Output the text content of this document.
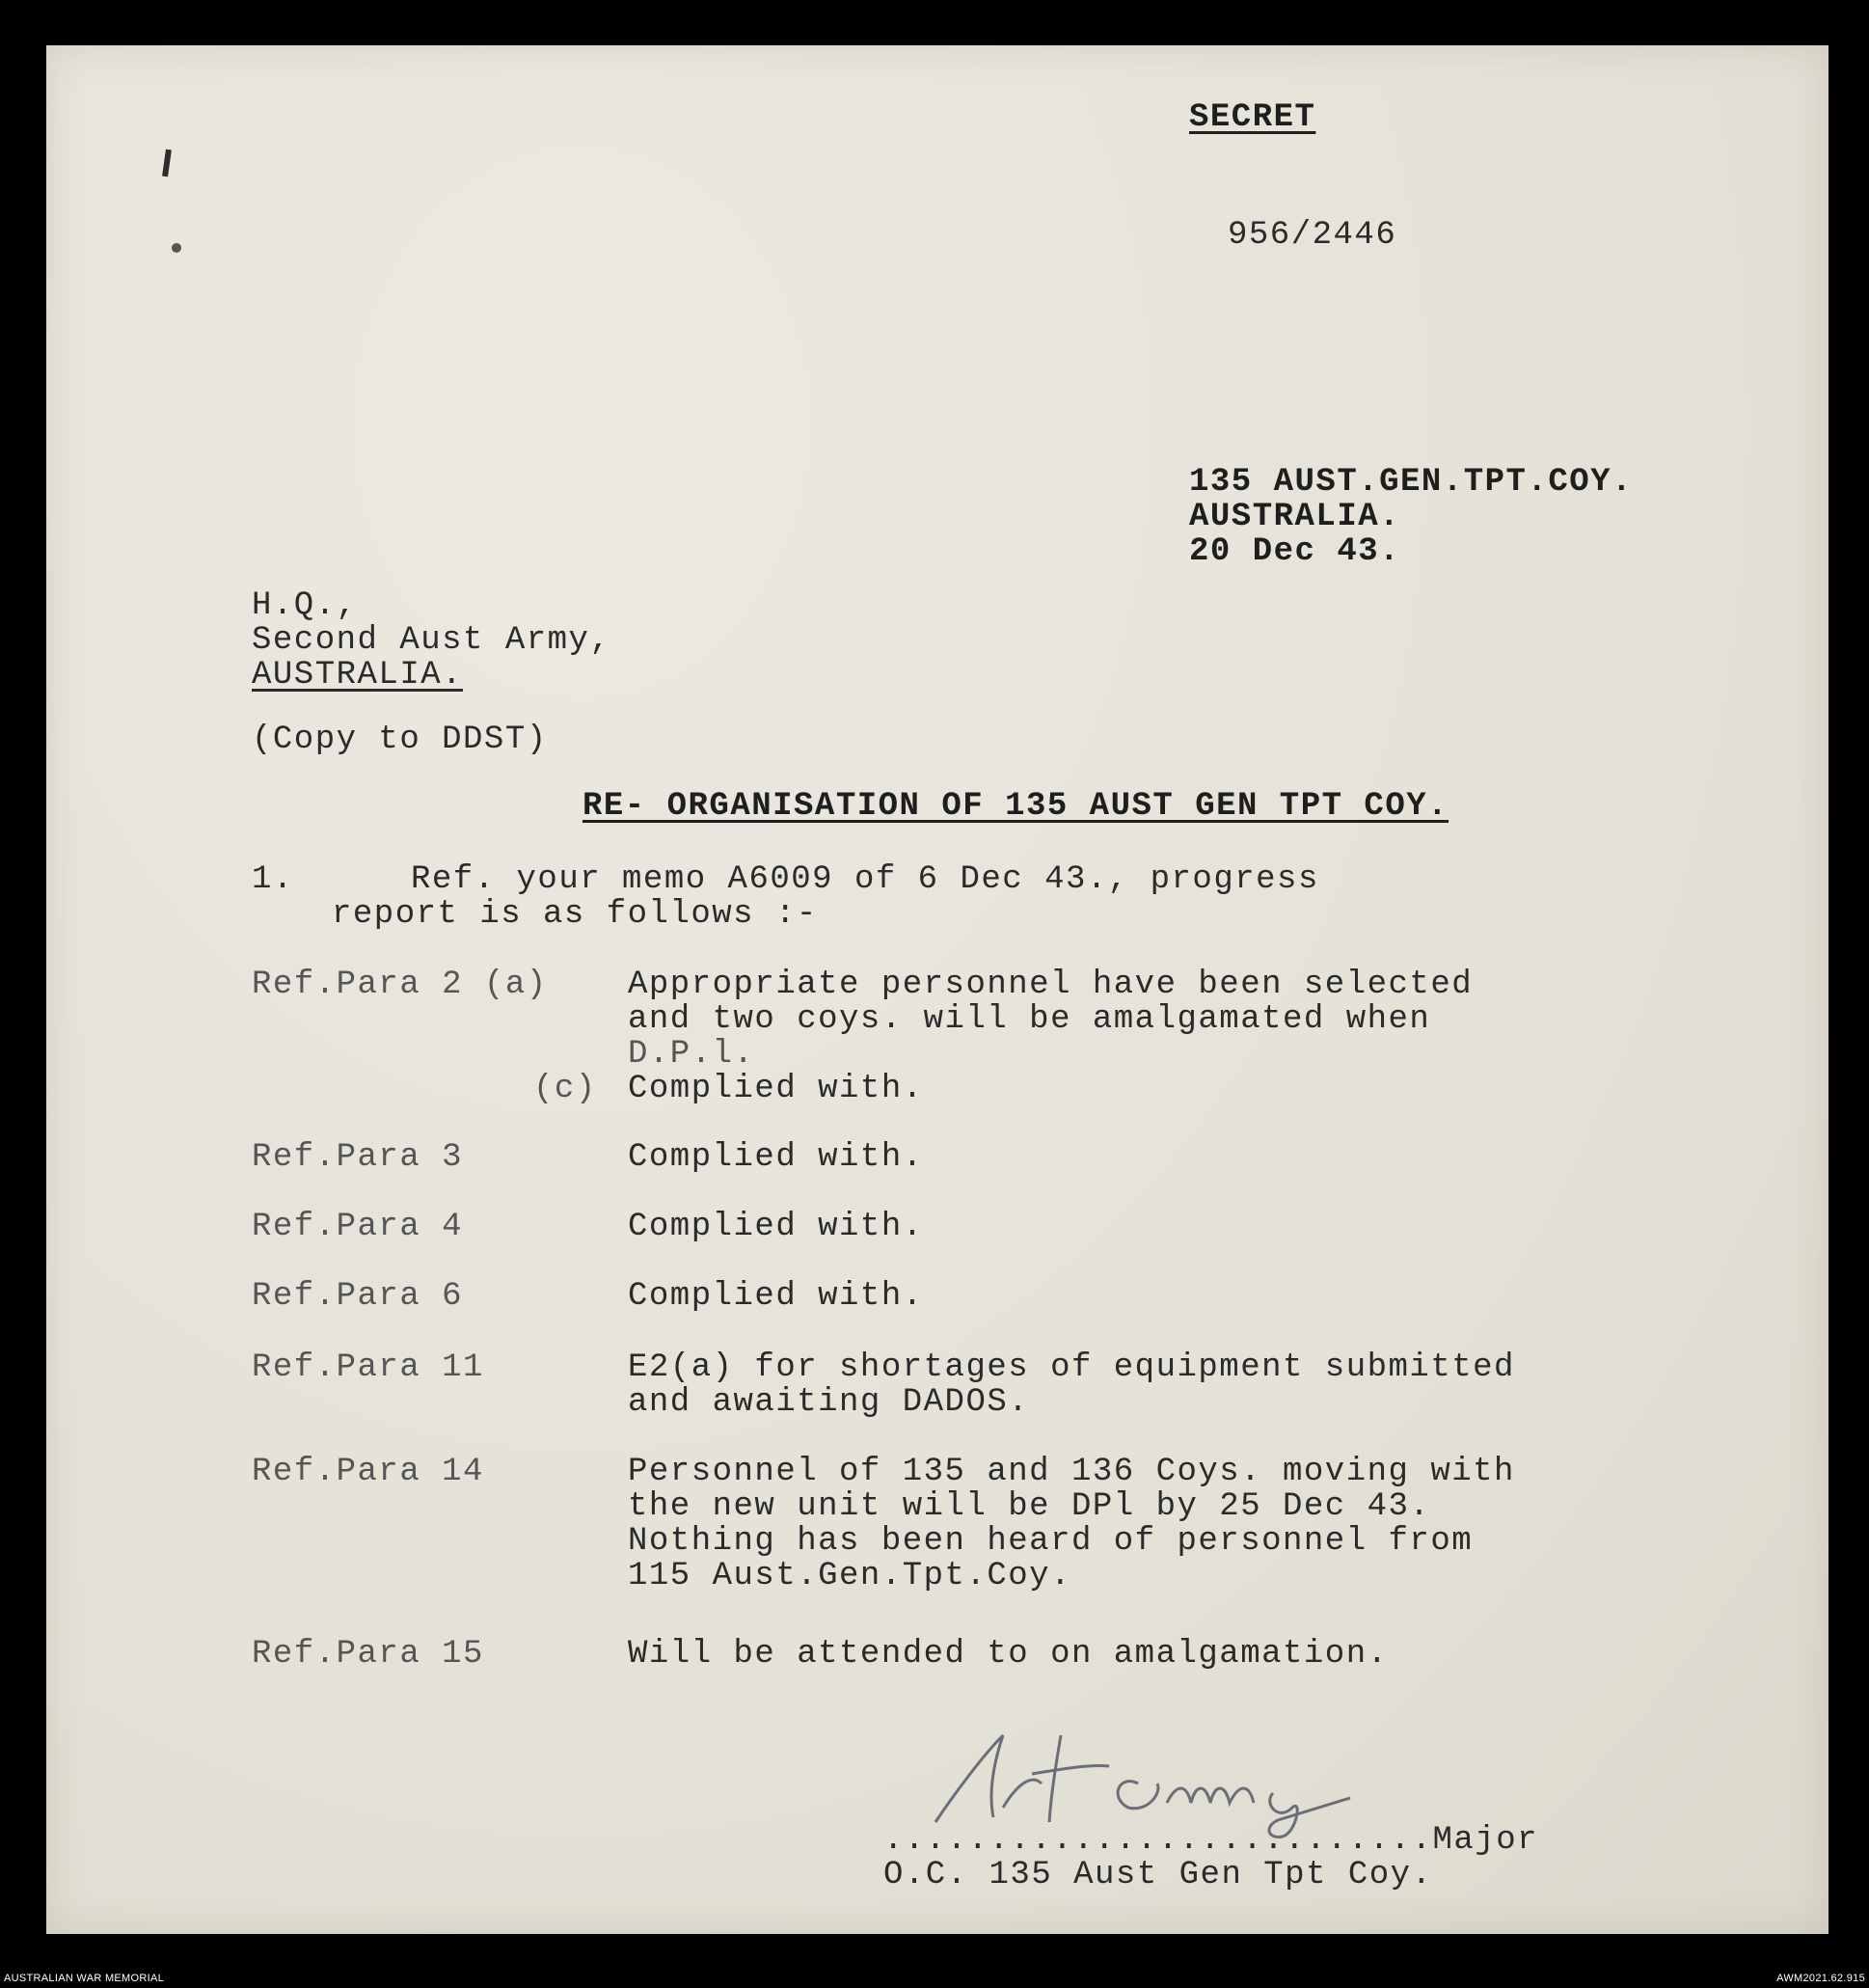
SECRET
956/2446
135 AUST.GEN.TPT.COY.
AUSTRALIA.
20 Dec 43.
H.Q.,
Second Aust Army,
AUSTRALIA.
(Copy to DDST)
RE- ORGANISATION OF 135 AUST GEN TPT COY.
1.	Ref. your memo A6009 of 6 Dec 43., progress
report is as follows :-
Ref.Para 2 (a) Appropriate personnel have been selected
and two coys. will be amalgamated when
D.P.l.
(c) Complied with.
Ref.Para 3	Complied with.
Ref.Para 4	Complied with.
Ref.Para 6	Complied with.
Ref.Para 11	E2(a) for shortages of equipment submitted
and awaiting DADOS.
Ref.Para 14	Personnel of 135 and 136 Coys. moving with
the new unit will be DPl by 25 Dec 43.
Nothing has been heard of personnel from
115 Aust.Gen.Tpt.Coy.
Ref.Para 15	Will be attended to on amalgamation.
..........................Major
O.C. 135 Aust Gen Tpt Coy.
AUSTRALIAN WAR MEMORIAL	AWM2021.62.915
